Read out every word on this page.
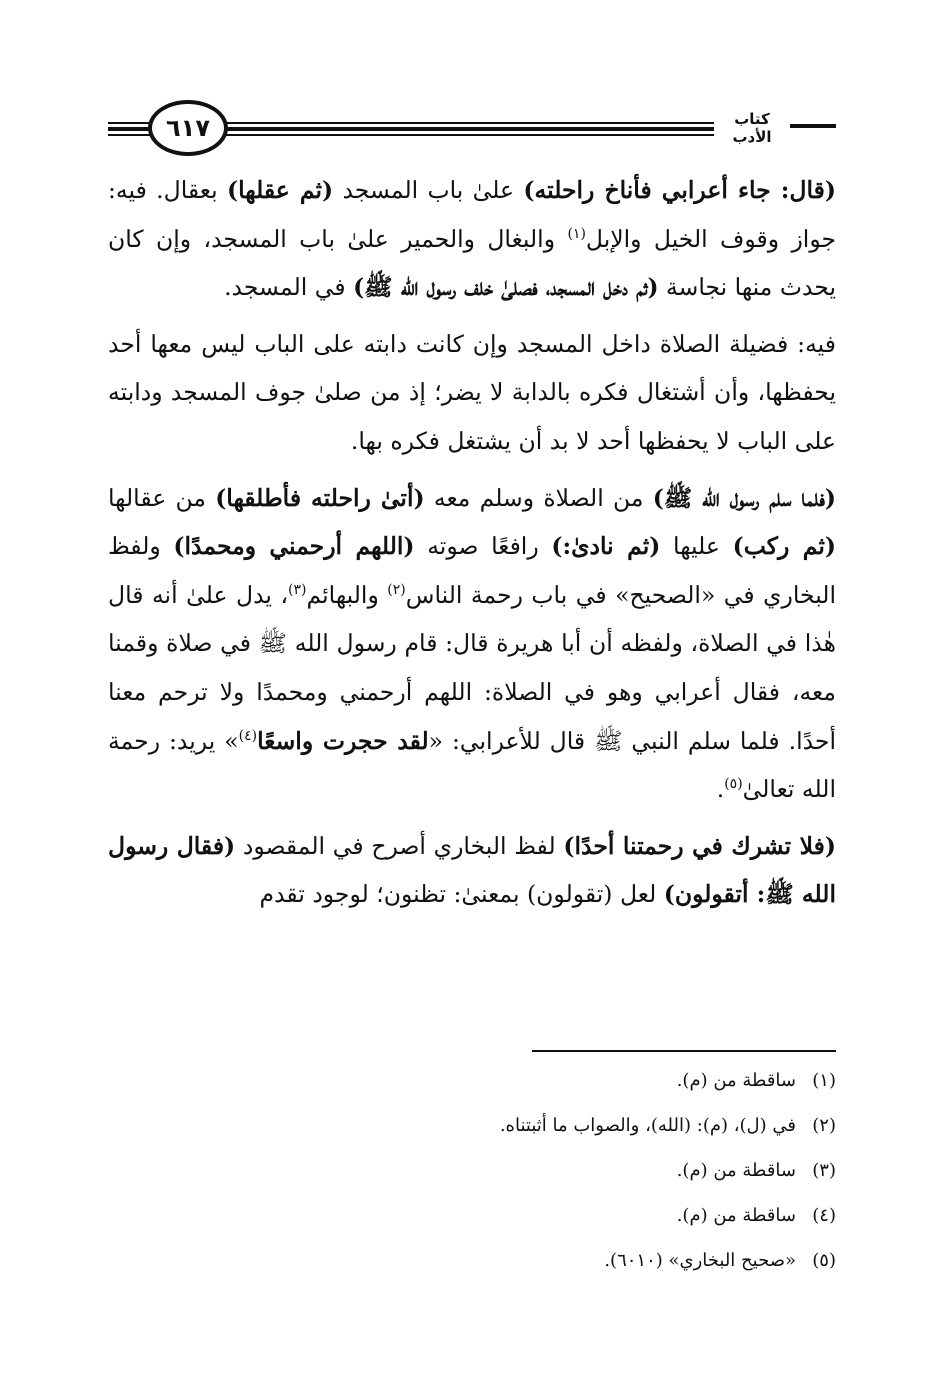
٦١٧	كتاب الأدب

(قال: جاء أعرابي فأناخ راحلته) علىٰ باب المسجد (ثم عقلها) بعقال. فيه: جواز وقوف الخيل والإبل$^{(١)}$ والبغال والحمير علىٰ باب المسجد، وإن كان يحدث منها نجاسة (ثم دخل المسجد، فصلىٰ خلف رسول الله ﷺ) في المسجد.

فيه: فضيلة الصلاة داخل المسجد وإن كانت دابته على الباب ليس معها أحد يحفظها، وأن أشتغال فكره بالدابة لا يضر؛ إذ من صلىٰ جوف المسجد ودابته على الباب لا يحفظها أحد لا بد أن يشتغل فكره بها.

(فلما سلم رسول الله ﷺ) من الصلاة وسلم معه (أتىٰ راحلته فأطلقها) من عقالها (ثم ركب) عليها (ثم نادىٰ:) رافعًا صوته (اللهم أرحمني ومحمدًا) ولفظ البخاري في «الصحيح» في باب رحمة الناس$^{(٢)}$ والبهائم$^{(٣)}$، يدل علىٰ أنه قال هٰذا في الصلاة، ولفظه أن أبا هريرة قال: قام رسول الله ﷺ في صلاة وقمنا معه، فقال أعرابي وهو في الصلاة: اللهم أرحمني ومحمدًا ولا ترحم معنا أحدًا. فلما سلم النبي ﷺ قال للأعرابي: «لقد حجرت واسعًا$^{(٤)}$» يريد: رحمة الله تعالىٰ$^{(٥)}$.

(فلا تشرك في رحمتنا أحدًا) لفظ البخاري أصرح في المقصود (فقال رسول الله ﷺ: أتقولون) لعل (تقولون) بمعنىٰ: تظنون؛ لوجود تقدم

(١)ساقطة من (م).
(٢)في (ل)، (م): (الله)، والصواب ما أثبتناه.
(٣)ساقطة من (م).
(٤)ساقطة من (م).
(٥)«صحيح البخاري» (٦٠١٠).
